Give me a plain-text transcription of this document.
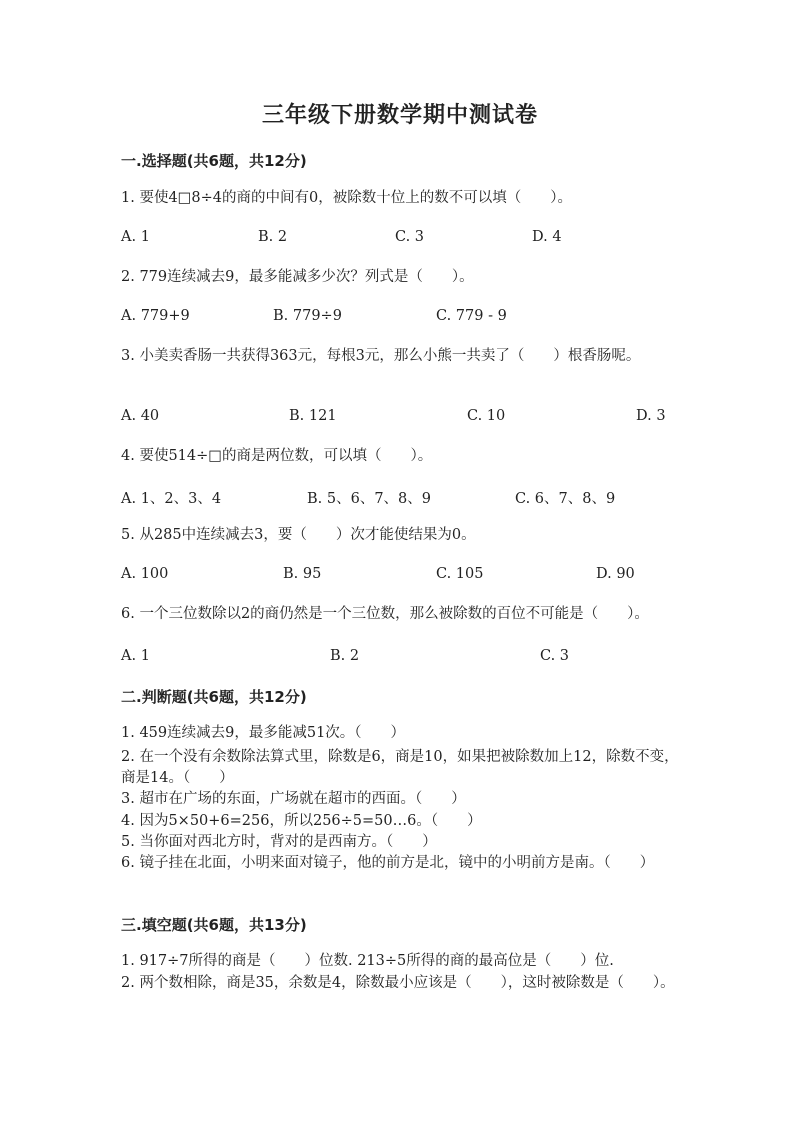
三年级下册数学期中测试卷
一.选择题(共6题，共12分)
1. 要使4□8÷4的商的中间有0，被除数十位上的数不可以填（　　）。
A. 1	B. 2	C. 3	D. 4
2. 779连续减去9，最多能减多少次？列式是（　　）。
A. 779+9	B. 779÷9	C. 779 - 9
3. 小美卖香肠一共获得363元，每根3元，那么小熊一共卖了（　　）根香肠呢。
A. 40	B. 121	C. 10	D. 3
4. 要使514÷□的商是两位数，可以填（　　）。
A. 1、2、3、4	B. 5、6、7、8、9	C. 6、7、8、9
5. 从285中连续减去3，要（　　）次才能使结果为0。
A. 100	B. 95	C. 105	D. 90
6. 一个三位数除以2的商仍然是一个三位数，那么被除数的百位不可能是（　　）。
A. 1	B. 2	C. 3
二.判断题(共6题，共12分)
1. 459连续减去9，最多能减51次。（　　）
2. 在一个没有余数除法算式里，除数是6，商是10，如果把被除数加上12，除数不变，商是14。（　　）
3. 超市在广场的东面，广场就在超市的西面。（　　）
4. 因为5×50+6=256，所以256÷5=50…6。（　　）
5. 当你面对西北方时，背对的是西南方。（　　）
6. 镜子挂在北面，小明来面对镜子，他的前方是北，镜中的小明前方是南。（　　）
三.填空题(共6题，共13分)
1. 917÷7所得的商是（　　）位数. 213÷5所得的商的最高位是（　　）位.
2. 两个数相除，商是35，余数是4，除数最小应该是（　　），这时被除数是（　　）。
